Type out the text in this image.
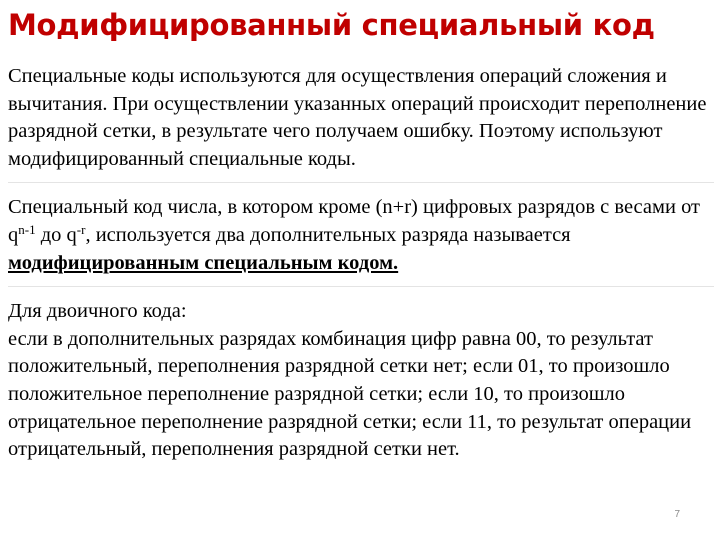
Модифицированный специальный код

Специальные коды используются для осуществления операций сложения и вычитания. При осуществлении указанных операций происходит переполнение разрядной сетки, в результате чего получаем ошибку. Поэтому используют модифицированный специальные коды.

Специальный код числа, в котором кроме (n+r) цифровых разрядов с весами от $q^{n-1}$ до $q^{-r}$, используется два дополнительных разряда называется модифицированным специальным кодом.

Для двоичного кода:
если в дополнительных разрядах комбинация цифр равна 00, то результат положительный, переполнения разрядной сетки нет; если 01, то произошло положительное переполнение разрядной сетки; если 10, то произошло отрицательное переполнение разрядной сетки; если 11, то результат операции отрицательный, переполнения разрядной сетки нет.

7
